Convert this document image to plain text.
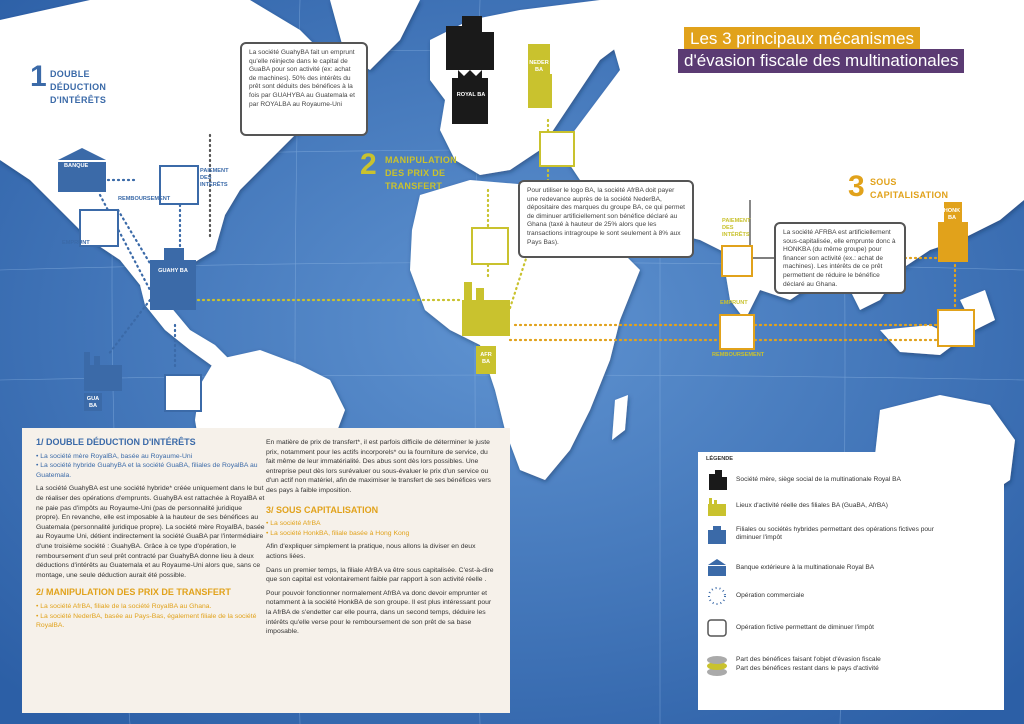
Les 3 principaux mécanismes
d'évasion fiscale des multinationales
Voici un cas fictif d'une multinationale regroupant la société mère et différentes filiales du même groupe. L'illustration de ces mécanismes montre que les grandes entreprises peuvent tirer profit des failles du système fiscal international en utilisant les différences entre les législations nationales. En avoir connaissance permet à la société civile d'interpeller plus facilement les administrations fiscales et le gouvernement de leur pays dans le cadre de la mise en place de législations fiscales justes concernant les activités des grandes entreprises opérant dans leur pays.
1 DOUBLE DÉDUCTION D'INTÉRÊTS
2 MANIPULATION DES PRIX DE TRANSFERT	3 SOUS CAPITALISATION
La société GuahyBA fait un emprunt qu'elle réinjecte dans le capital de GuaBA pour son activité (ex: achat de machines). 50% des intérêts du prêt sont déduits des bénéfices à la fois par GUAHYBA au Guatemala et par ROYALBA au Royaume-Uni
Pour utiliser le logo BA, la société AfrBA doit payer une redevance auprès de la société NederBA, dépositaire des marques du groupe BA, ce qui permet de diminuer artificiellement son bénéfice déclaré au Ghana (taxé à hauteur de 25% alors que les transactions intragroupe le sont seulement à 8% aux Pays Bas).
La société AFRBA est artificiellement sous-capitalisée, elle emprunte donc à HONKBA (du même groupe) pour financer son activité (ex.: achat de machines). Les intérêts de ce prêt permettent de réduire le bénéfice déclaré au Ghana.
BANQUE
PAIEMENT DES INTÉRÊTS
REMBOURSEMENT
EMPRUNT
PAIEMENT DES INTÉRÊTS
EMPRUNT
REMBOURSEMENT
ROYAL BA
NEDER BA
GUAHY BA
GUA BA
AFR BA
HONK BA
1/ DOUBLE DÉDUCTION D'INTÉRÊTS

• La société mère RoyalBA, basée au Royaume-Uni
• La société hybride GuahyBA et la société GuaBA, filiales de RoyalBA au Guatemala.

La société GuahyBA est une société hybride* créée uniquement dans le but de réaliser des opérations d'emprunts. GuahyBA est rattachée à RoyalBA et ne paie pas d'impôts au Royaume-Uni (pas de personnalité juridique propre). En revanche, elle est imposable à la hauteur de ses bénéfices au Guatemala (personnalité juridique propre). La société mère RoyalBA, basée au Royaume Uni, détient indirectement la société GuaBA par l'intermédiaire d'une troisième société : GuahyBA. Grâce à ce type d'opération, le remboursement d'un seul prêt contracté par GuahyBA donne lieu à deux déductions d'intérêts au Guatemala et au Royaume-Uni alors que, sans ce montage, une seule déduction aurait été possible.

2/ MANIPULATION DES PRIX DE TRANSFERT

• La société AfrBA, filiale de la société RoyalBA au Ghana.
• La société NederBA, basée au Pays-Bas, également filiale de la société RoyalBA.

En matière de prix de transfert*, il est parfois difficile de déterminer le juste prix, notamment pour les actifs incorporels* ou la fourniture de service, du fait même de leur immatérialité. Des abus sont dès lors possibles. Une entreprise peut dès lors surévaluer ou sous-évaluer le prix d'un service ou d'un actif non matériel, afin de maximiser le transfert de ses bénéfices vers des pays à faible imposition.

3/ SOUS CAPITALISATION

• La société AfrBA
• La société HonkBA, filiale basée à Hong Kong

Afin d'expliquer simplement la pratique, nous allons la diviser en deux actions liées.

Dans un premier temps, la filiale AfrBA va être sous capitalisée. C'est-à-dire que son capital est volontairement faible par rapport à son activité réelle .

Pour pouvoir fonctionner normalement AfrBA va donc devoir emprunter et notamment à la société HonkBA de son groupe. Il est plus intéressant pour la AfrBA de s'endetter car elle pourra, dans un second temps, déduire les intérêts qu'elle verse pour le remboursement de son prêt de sa base imposable.

LÉGENDE
Société mère, siège social de la multinationale Royal BA
Lieux d'activité réelle des filiales BA (GuaBA, AfrBA)
Filiales ou sociétés hybrides permettant des opérations fictives pour diminuer l'impôt
Banque extérieure à la multinationale Royal BA
Opération commerciale
Opération fictive permettant de diminuer l'impôt
Part des bénéfices faisant l'objet d'évasion fiscale
Part des bénéfices restant dans le pays d'activité
